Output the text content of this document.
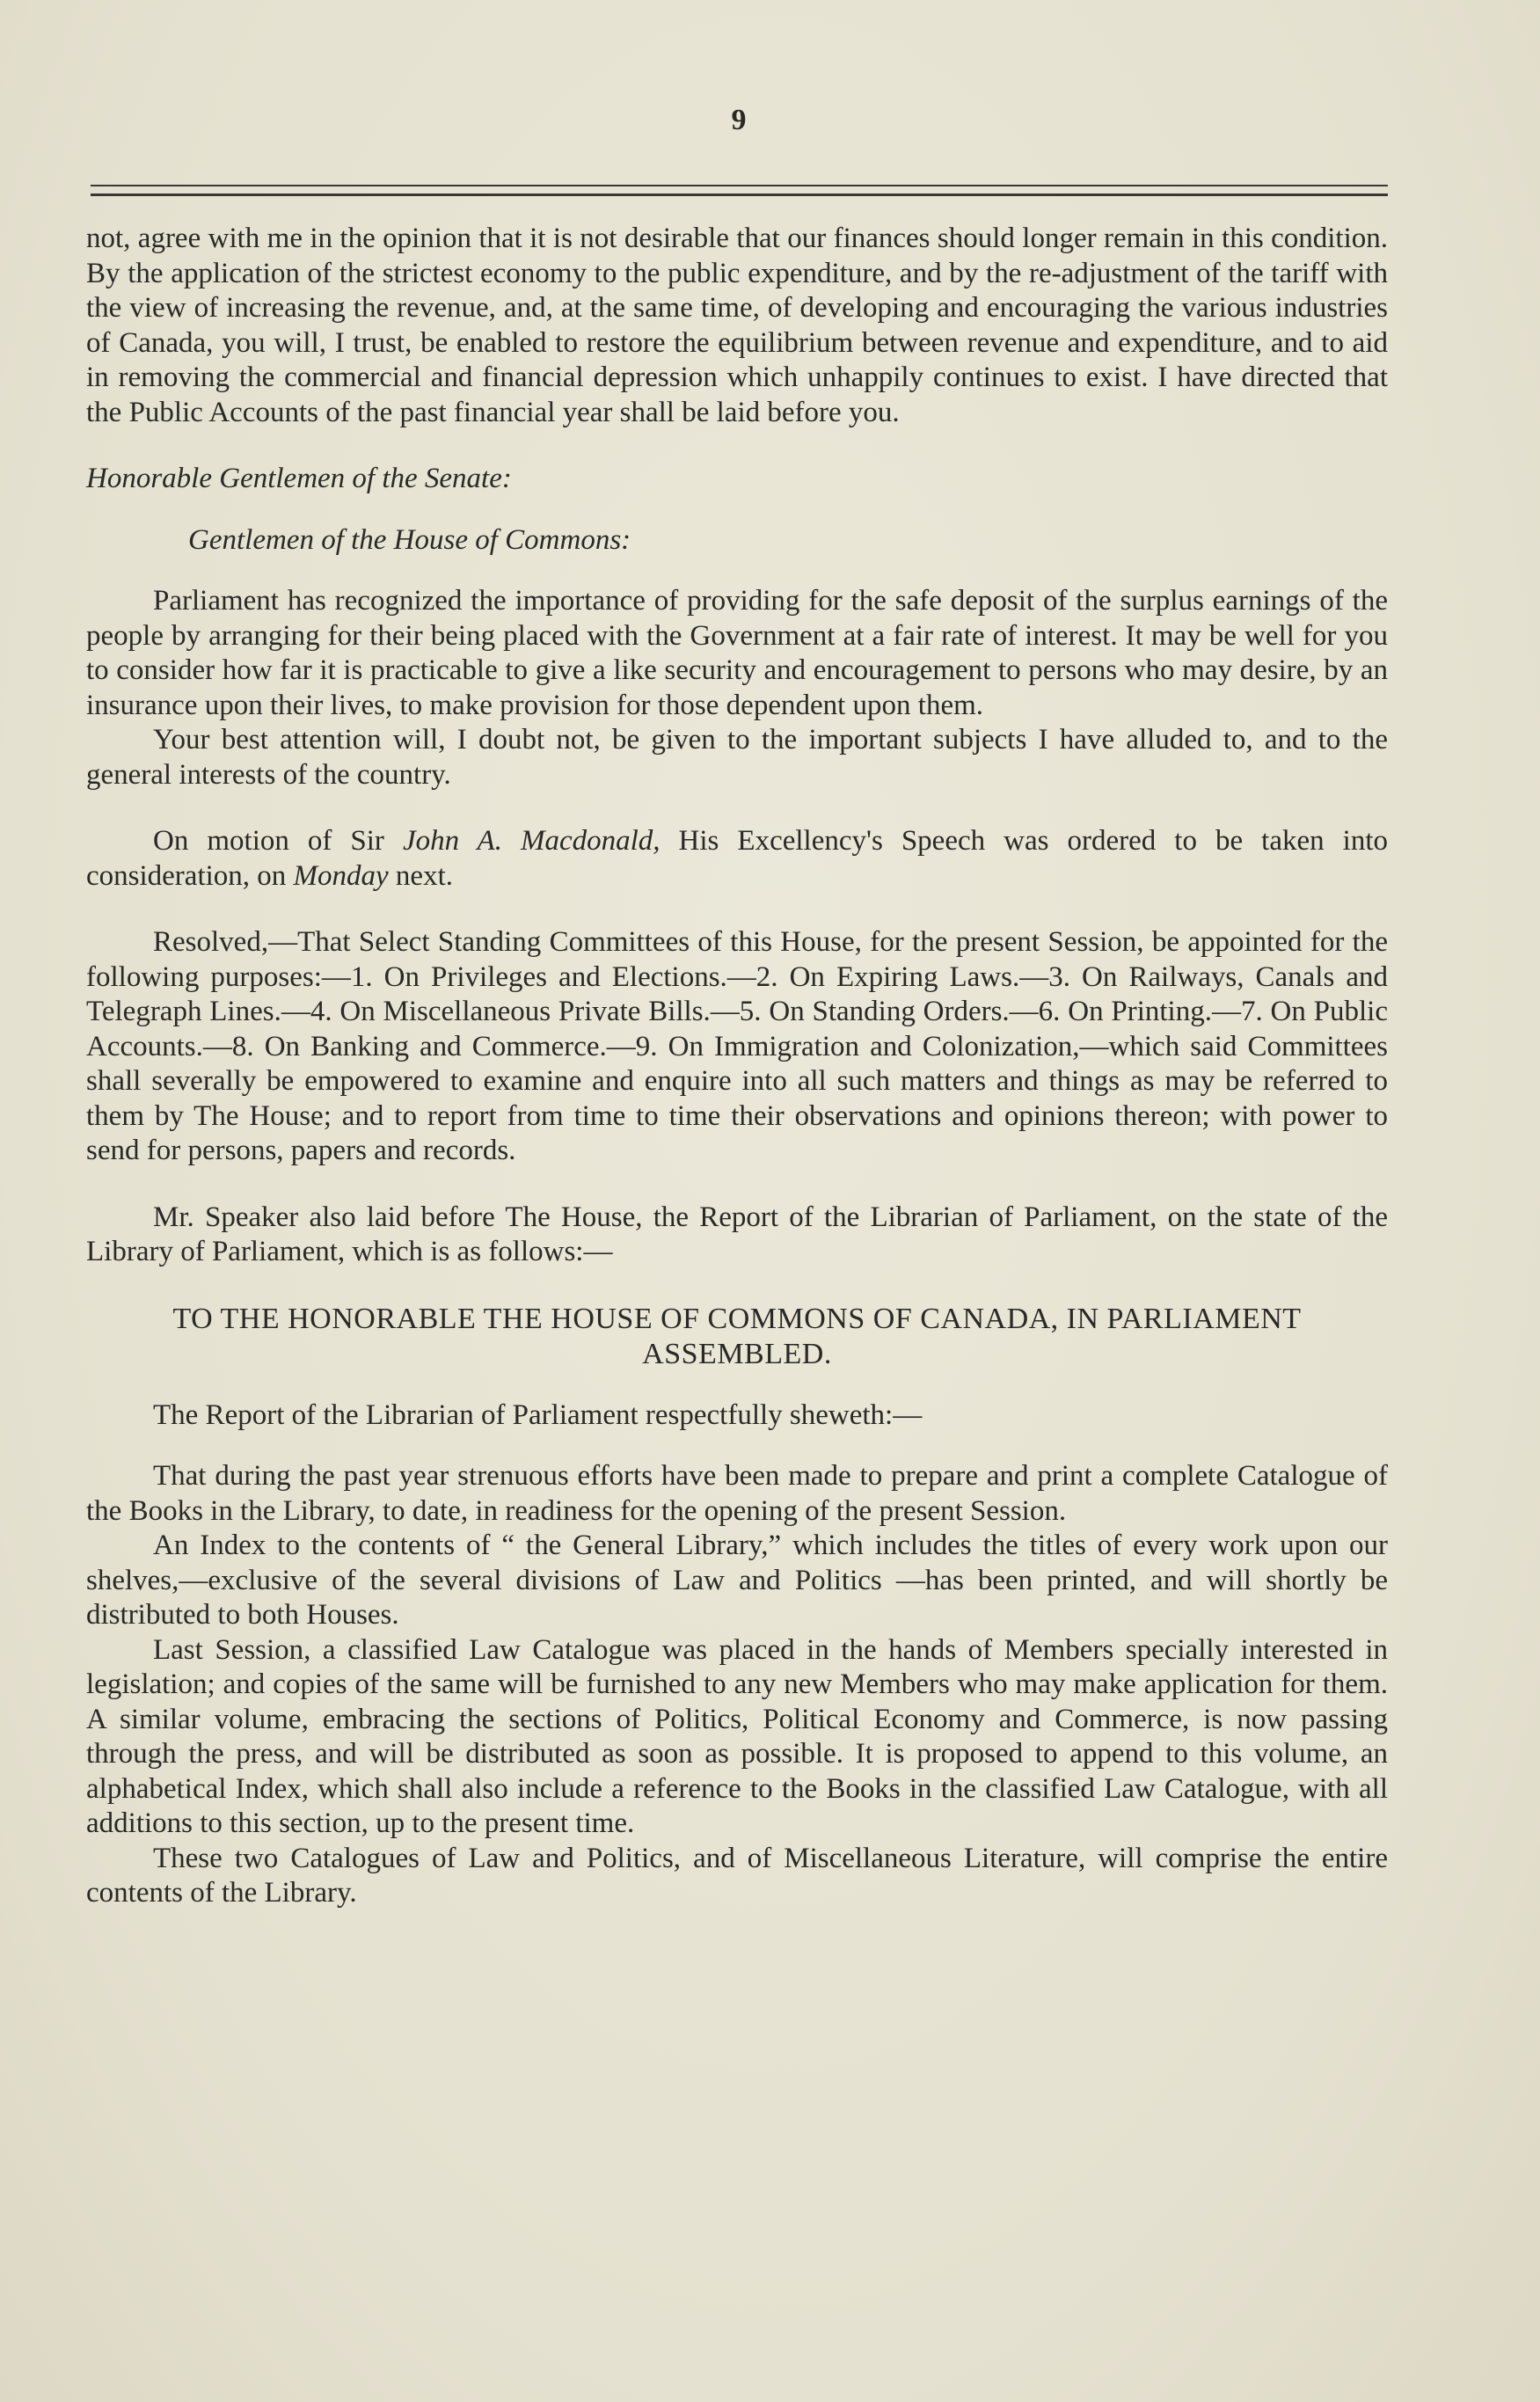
9

not, agree with me in the opinion that it is not desirable that our finances should longer remain in this condition. By the application of the strictest economy to the public expenditure, and by the re-adjustment of the tariff with the view of increasing the revenue, and, at the same time, of developing and encouraging the various industries of Canada, you will, I trust, be enabled to restore the equilibrium between revenue and expenditure, and to aid in removing the commercial and financial depression which unhappily continues to exist. I have directed that the Public Accounts of the past financial year shall be laid before you.

Honorable Gentlemen of the Senate:

Gentlemen of the House of Commons:

Parliament has recognized the importance of providing for the safe deposit of the surplus earnings of the people by arranging for their being placed with the Government at a fair rate of interest. It may be well for you to consider how far it is practicable to give a like security and encouragement to persons who may desire, by an insurance upon their lives, to make provision for those dependent upon them.

Your best attention will, I doubt not, be given to the important subjects I have alluded to, and to the general interests of the country.

On motion of Sir John A. Macdonald, His Excellency's Speech was ordered to be taken into consideration, on Monday next.

Resolved,—That Select Standing Committees of this House, for the present Session, be appointed for the following purposes:—1. On Privileges and Elections.—2. On Expiring Laws.—3. On Railways, Canals and Telegraph Lines.—4. On Miscellaneous Private Bills.—5. On Standing Orders.—6. On Printing.—7. On Public Accounts.—8. On Banking and Commerce.—9. On Immigration and Colonization,—which said Committees shall severally be empowered to examine and enquire into all such matters and things as may be referred to them by The House; and to report from time to time their observations and opinions thereon; with power to send for persons, papers and records.

Mr. Speaker also laid before The House, the Report of the Librarian of Parliament, on the state of the Library of Parliament, which is as follows:—

TO THE HONORABLE THE HOUSE OF COMMONS OF CANADA, IN PARLIAMENT ASSEMBLED.

The Report of the Librarian of Parliament respectfully sheweth:—

That during the past year strenuous efforts have been made to prepare and print a complete Catalogue of the Books in the Library, to date, in readiness for the opening of the present Session.

An Index to the contents of “ the General Library,” which includes the titles of every work upon our shelves,—exclusive of the several divisions of Law and Politics —has been printed, and will shortly be distributed to both Houses.

Last Session, a classified Law Catalogue was placed in the hands of Members specially interested in legislation; and copies of the same will be furnished to any new Members who may make application for them. A similar volume, embracing the sections of Politics, Political Economy and Commerce, is now passing through the press, and will be distributed as soon as possible. It is proposed to append to this volume, an alphabetical Index, which shall also include a reference to the Books in the classified Law Catalogue, with all additions to this section, up to the present time.

These two Catalogues of Law and Politics, and of Miscellaneous Literature, will comprise the entire contents of the Library.
